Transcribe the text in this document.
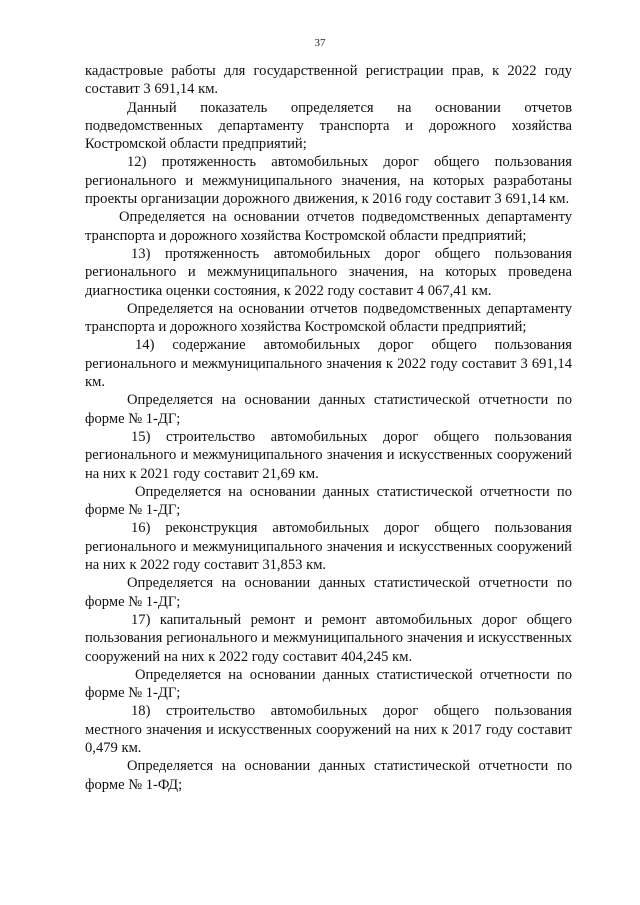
37

кадастровые работы для государственной регистрации прав, к 2022 году составит 3 691,14 км.

Данный показатель определяется на основании отчетов подведомственных департаменту транспорта и дорожного хозяйства Костромской области предприятий;

12) протяженность автомобильных дорог общего пользования регионального и межмуниципального значения, на которых разработаны проекты организации дорожного движения, к 2016 году составит 3 691,14 км.

Определяется на основании отчетов подведомственных департаменту транспорта и дорожного хозяйства Костромской области предприятий;

13) протяженность автомобильных дорог общего пользования регионального и межмуниципального значения, на которых проведена диагностика оценки состояния, к 2022 году составит 4 067,41 км.

Определяется на основании отчетов подведомственных департаменту транспорта и дорожного хозяйства Костромской области предприятий;

14) содержание автомобильных дорог общего пользования регионального и межмуниципального значения к 2022 году составит 3 691,14 км.

Определяется на основании данных статистической отчетности по форме № 1-ДГ;

15) строительство автомобильных дорог общего пользования регионального и межмуниципального значения и искусственных сооружений на них к 2021 году составит 21,69 км.

Определяется на основании данных статистической отчетности по форме № 1-ДГ;

16) реконструкция автомобильных дорог общего пользования регионального и межмуниципального значения и искусственных сооружений на них к 2022 году составит 31,853 км.

Определяется на основании данных статистической отчетности по форме № 1-ДГ;

17) капитальный ремонт и ремонт автомобильных дорог общего пользования регионального и межмуниципального значения и искусственных сооружений на них к 2022 году составит 404,245 км.

Определяется на основании данных статистической отчетности по форме № 1-ДГ;

18) строительство автомобильных дорог общего пользования местного значения и искусственных сооружений на них к 2017 году составит 0,479 км.

Определяется на основании данных статистической отчетности по форме № 1-ФД;
